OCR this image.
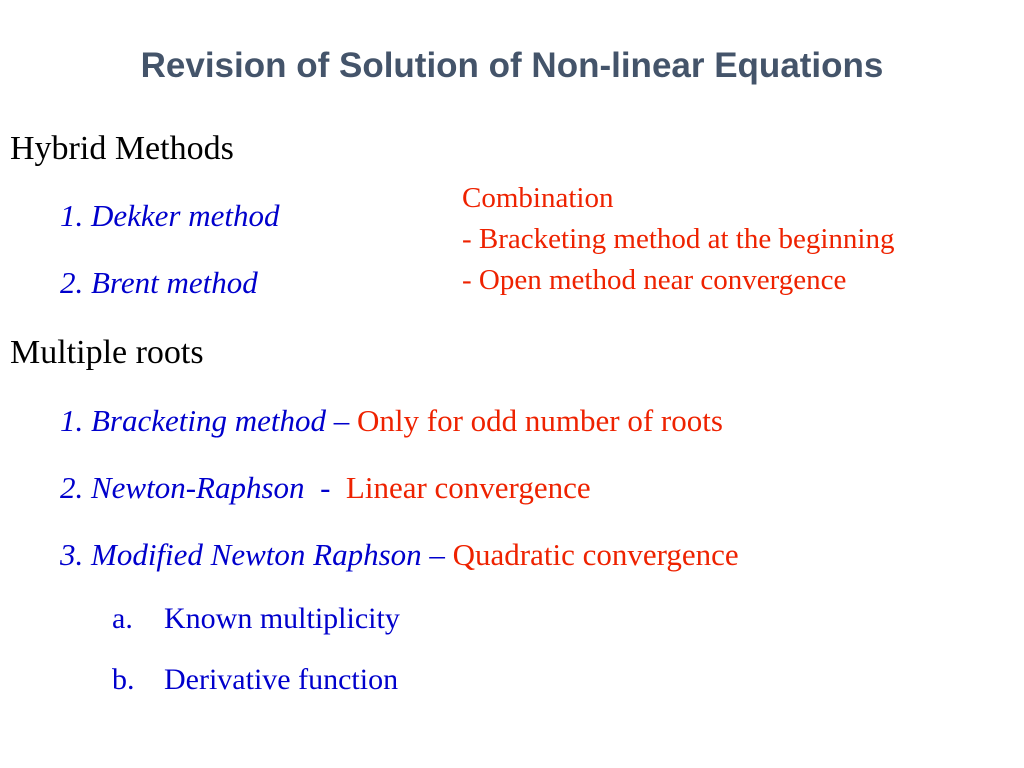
Revision of Solution of Non-linear Equations
Hybrid Methods
1. Dekker method
2. Brent method
Combination
- Bracketing method at the beginning
- Open method near convergence
Multiple roots
1. Bracketing method – Only for odd number of roots
2. Newton-Raphson  -  Linear convergence
3. Modified Newton Raphson – Quadratic convergence
a. Known multiplicity
b. Derivative function
